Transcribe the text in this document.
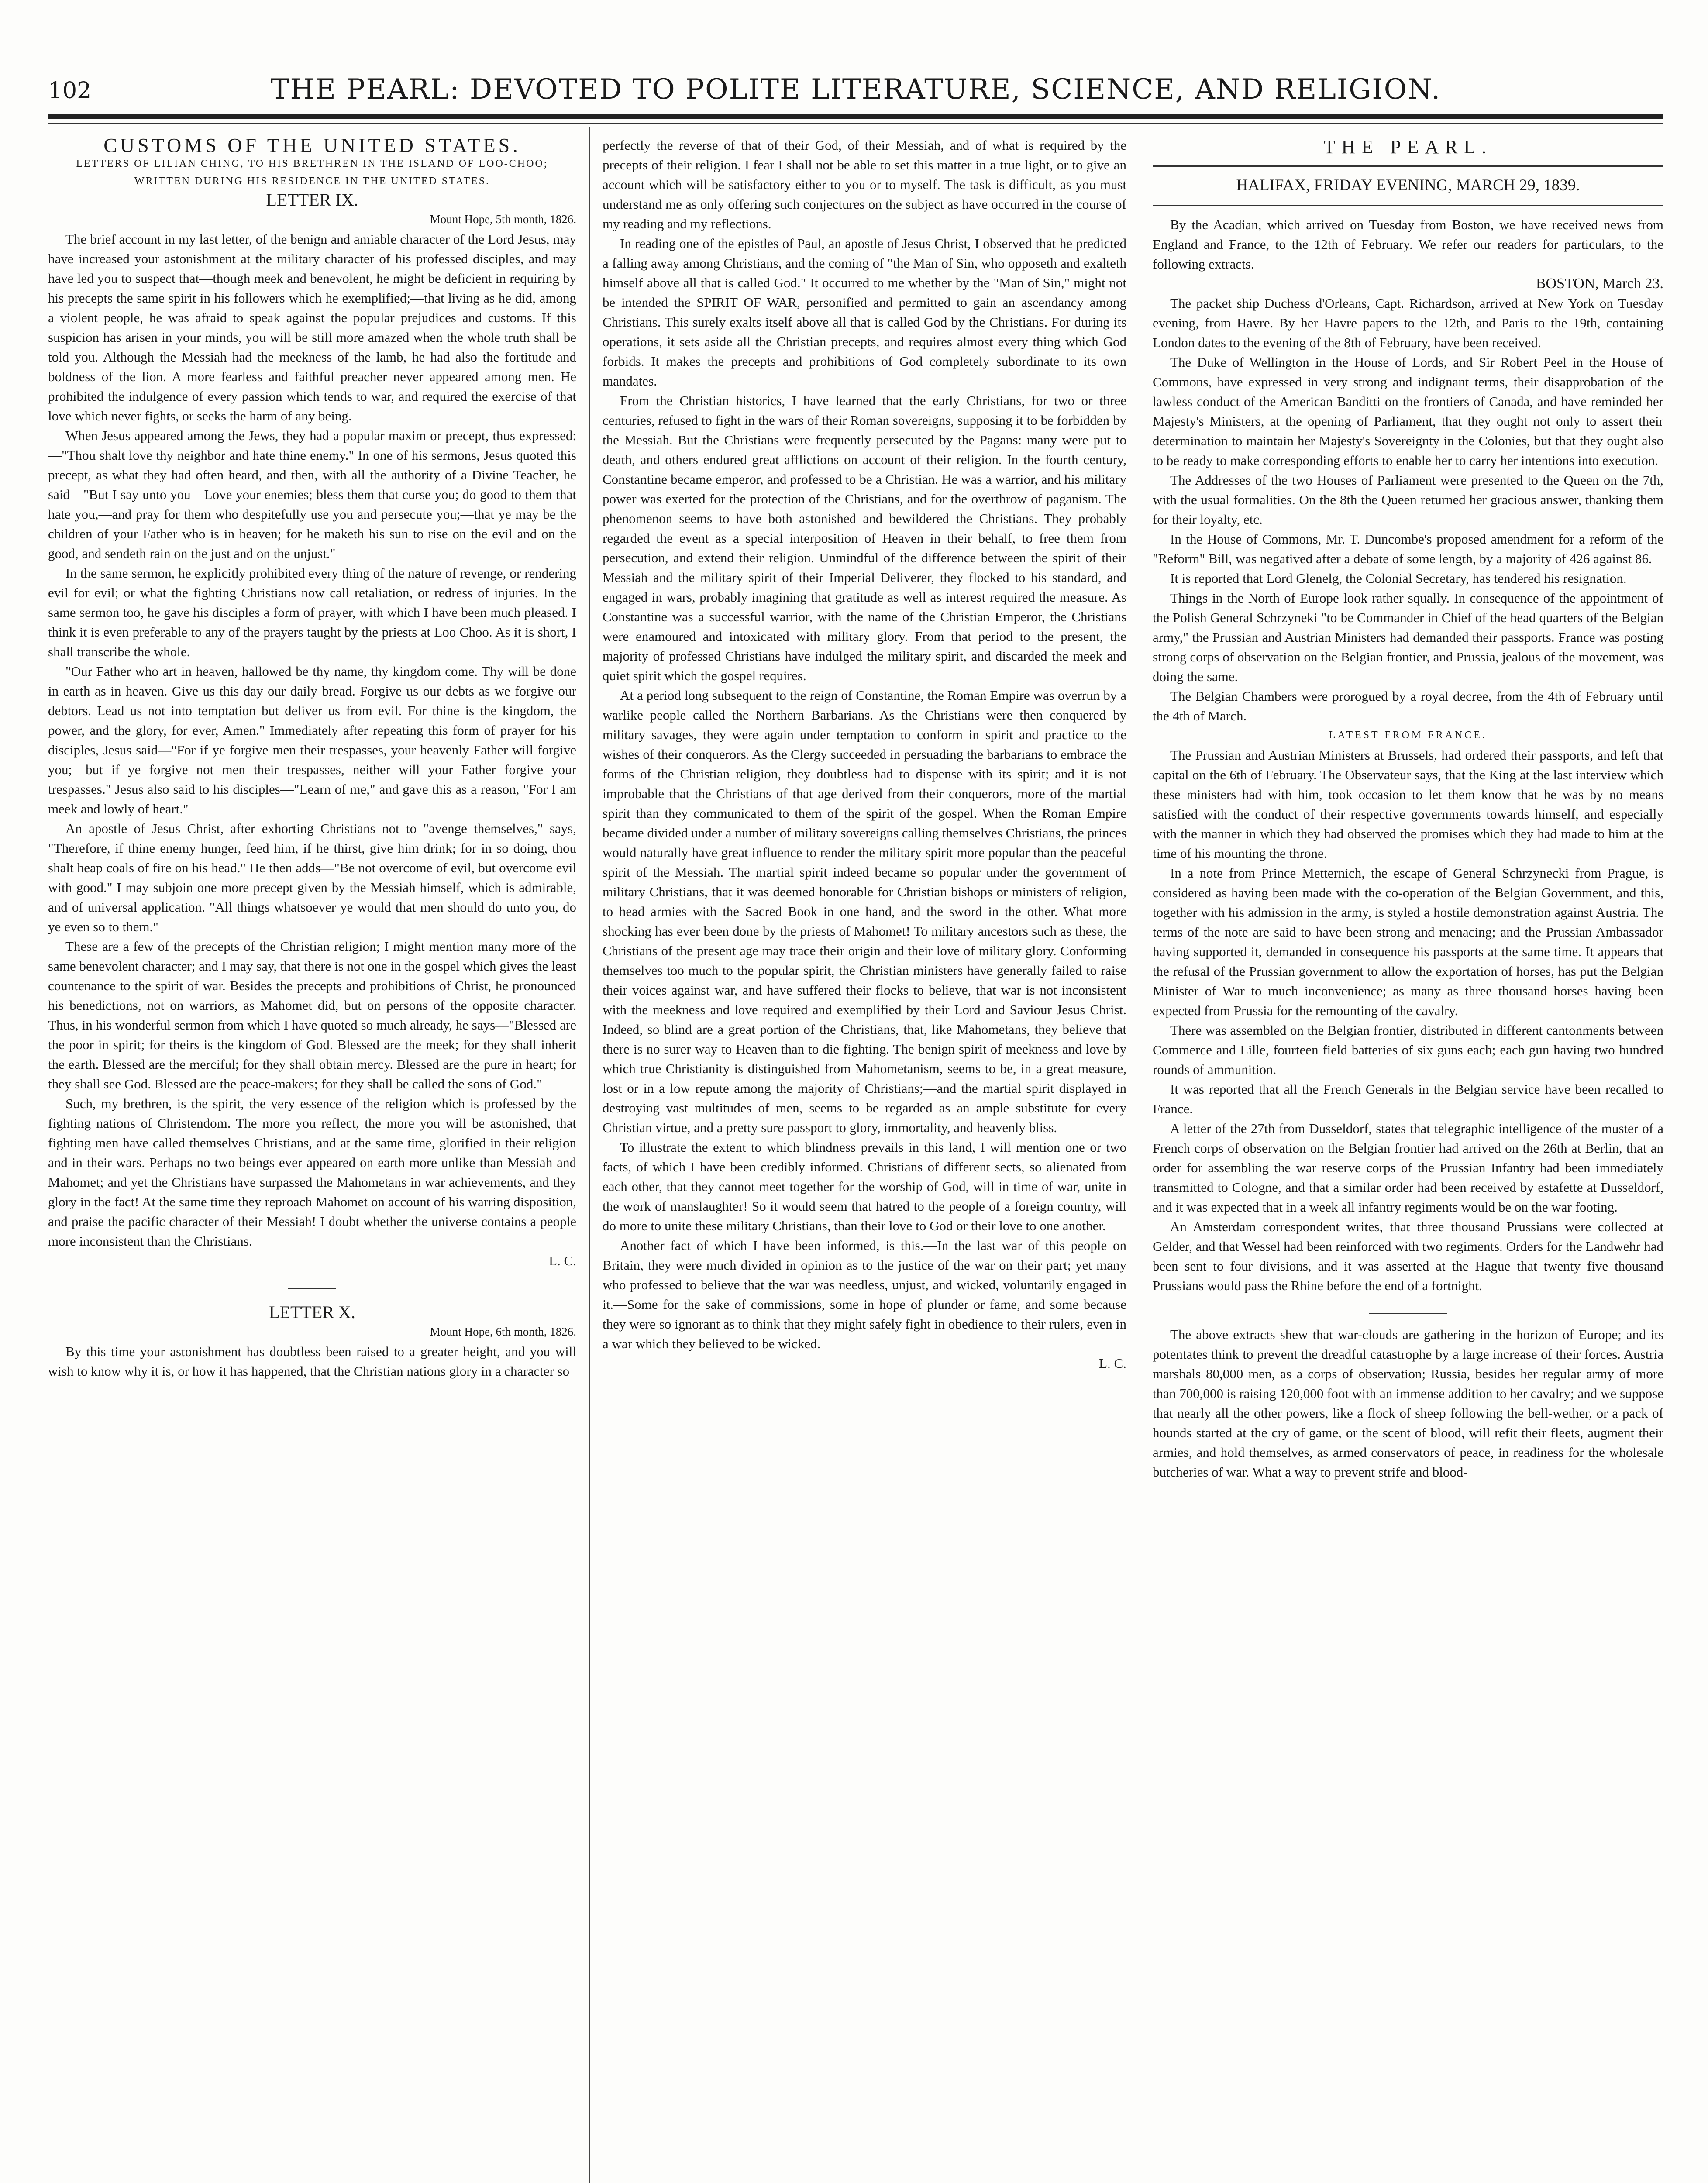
102	THE PEARL: DEVOTED TO POLITE LITERATURE, SCIENCE, AND RELIGION.

CUSTOMS OF THE UNITED STATES.

LETTERS OF LILIAN CHING, TO HIS BRETHREN IN THE ISLAND OF LOO-CHOO; WRITTEN DURING HIS RESIDENCE IN THE UNITED STATES.

LETTER IX.

Mount Hope, 5th month, 1826.

The brief account in my last letter, of the benign and amiable character of the Lord Jesus, may have increased your astonishment at the military character of his professed disciples, and may have led you to suspect that—though meek and benevolent, he might be deficient in requiring by his precepts the same spirit in his followers which he exemplified;—that living as he did, among a violent people, he was afraid to speak against the popular prejudices and customs. If this suspicion has arisen in your minds, you will be still more amazed when the whole truth shall be told you. Although the Messiah had the meekness of the lamb, he had also the fortitude and boldness of the lion. A more fearless and faithful preacher never appeared among men. He prohibited the indulgence of every passion which tends to war, and required the exercise of that love which never fights, or seeks the harm of any being.

When Jesus appeared among the Jews, they had a popular maxim or precept, thus expressed:—"Thou shalt love thy neighbor and hate thine enemy." In one of his sermons, Jesus quoted this precept, as what they had often heard, and then, with all the authority of a Divine Teacher, he said—"But I say unto you—Love your enemies; bless them that curse you; do good to them that hate you,—and pray for them who despitefully use you and persecute you;—that ye may be the children of your Father who is in heaven; for he maketh his sun to rise on the evil and on the good, and sendeth rain on the just and on the unjust."

In the same sermon, he explicitly prohibited every thing of the nature of revenge, or rendering evil for evil; or what the fighting Christians now call retaliation, or redress of injuries. In the same sermon too, he gave his disciples a form of prayer, with which I have been much pleased. I think it is even preferable to any of the prayers taught by the priests at Loo Choo. As it is short, I shall transcribe the whole.

"Our Father who art in heaven, hallowed be thy name, thy kingdom come. Thy will be done in earth as in heaven. Give us this day our daily bread. Forgive us our debts as we forgive our debtors. Lead us not into temptation but deliver us from evil. For thine is the kingdom, the power, and the glory, for ever, Amen." Immediately after repeating this form of prayer for his disciples, Jesus said—"For if ye forgive men their trespasses, your heavenly Father will forgive you;—but if ye forgive not men their trespasses, neither will your Father forgive your trespasses." Jesus also said to his disciples—"Learn of me," and gave this as a reason, "For I am meek and lowly of heart."

An apostle of Jesus Christ, after exhorting Christians not to "avenge themselves," says, "Therefore, if thine enemy hunger, feed him, if he thirst, give him drink; for in so doing, thou shalt heap coals of fire on his head." He then adds—"Be not overcome of evil, but overcome evil with good." I may subjoin one more precept given by the Messiah himself, which is admirable, and of universal application. "All things whatsoever ye would that men should do unto you, do ye even so to them."

These are a few of the precepts of the Christian religion; I might mention many more of the same benevolent character; and I may say, that there is not one in the gospel which gives the least countenance to the spirit of war. Besides the precepts and prohibitions of Christ, he pronounced his benedictions, not on warriors, as Mahomet did, but on persons of the opposite character. Thus, in his wonderful sermon from which I have quoted so much already, he says—"Blessed are the poor in spirit; for theirs is the kingdom of God. Blessed are the meek; for they shall inherit the earth. Blessed are the merciful; for they shall obtain mercy. Blessed are the pure in heart; for they shall see God. Blessed are the peace-makers; for they shall be called the sons of God."

Such, my brethren, is the spirit, the very essence of the religion which is professed by the fighting nations of Christendom. The more you reflect, the more you will be astonished, that fighting men have called themselves Christians, and at the same time, glorified in their religion and in their wars. Perhaps no two beings ever appeared on earth more unlike than Messiah and Mahomet; and yet the Christians have surpassed the Mahometans in war achievements, and they glory in the fact! At the same time they reproach Mahomet on account of his warring disposition, and praise the pacific character of their Messiah! I doubt whether the universe contains a people more inconsistent than the Christians.

L. C.

LETTER X.

Mount Hope, 6th month, 1826.

By this time your astonishment has doubtless been raised to a greater height, and you will wish to know why it is, or how it has happened, that the Christian nations glory in a character so

perfectly the reverse of that of their God, of their Messiah, and of what is required by the precepts of their religion. I fear I shall not be able to set this matter in a true light, or to give an account which will be satisfactory either to you or to myself. The task is difficult, as you must understand me as only offering such conjectures on the subject as have occurred in the course of my reading and my reflections.

In reading one of the epistles of Paul, an apostle of Jesus Christ, I observed that he predicted a falling away among Christians, and the coming of "the Man of Sin, who opposeth and exalteth himself above all that is called God." It occurred to me whether by the "Man of Sin," might not be intended the SPIRIT OF WAR, personified and permitted to gain an ascendancy among Christians. This surely exalts itself above all that is called God by the Christians. For during its operations, it sets aside all the Christian precepts, and requires almost every thing which God forbids. It makes the precepts and prohibitions of God completely subordinate to its own mandates.

From the Christian historics, I have learned that the early Christians, for two or three centuries, refused to fight in the wars of their Roman sovereigns, supposing it to be forbidden by the Messiah. But the Christians were frequently persecuted by the Pagans: many were put to death, and others endured great afflictions on account of their religion. In the fourth century, Constantine became emperor, and professed to be a Christian. He was a warrior, and his military power was exerted for the protection of the Christians, and for the overthrow of paganism. The phenomenon seems to have both astonished and bewildered the Christians. They probably regarded the event as a special interposition of Heaven in their behalf, to free them from persecution, and extend their religion. Unmindful of the difference between the spirit of their Messiah and the military spirit of their Imperial Deliverer, they flocked to his standard, and engaged in wars, probably imagining that gratitude as well as interest required the measure. As Constantine was a successful warrior, with the name of the Christian Emperor, the Christians were enamoured and intoxicated with military glory. From that period to the present, the majority of professed Christians have indulged the military spirit, and discarded the meek and quiet spirit which the gospel requires.

At a period long subsequent to the reign of Constantine, the Roman Empire was overrun by a warlike people called the Northern Barbarians. As the Christians were then conquered by military savages, they were again under temptation to conform in spirit and practice to the wishes of their conquerors. As the Clergy succeeded in persuading the barbarians to embrace the forms of the Christian religion, they doubtless had to dispense with its spirit; and it is not improbable that the Christians of that age derived from their conquerors, more of the martial spirit than they communicated to them of the spirit of the gospel. When the Roman Empire became divided under a number of military sovereigns calling themselves Christians, the princes would naturally have great influence to render the military spirit more popular than the peaceful spirit of the Messiah. The martial spirit indeed became so popular under the government of military Christians, that it was deemed honorable for Christian bishops or ministers of religion, to head armies with the Sacred Book in one hand, and the sword in the other. What more shocking has ever been done by the priests of Mahomet! To military ancestors such as these, the Christians of the present age may trace their origin and their love of military glory. Conforming themselves too much to the popular spirit, the Christian ministers have generally failed to raise their voices against war, and have suffered their flocks to believe, that war is not inconsistent with the meekness and love required and exemplified by their Lord and Saviour Jesus Christ. Indeed, so blind are a great portion of the Christians, that, like Mahometans, they believe that there is no surer way to Heaven than to die fighting. The benign spirit of meekness and love by which true Christianity is distinguished from Mahometanism, seems to be, in a great measure, lost or in a low repute among the majority of Christians;—and the martial spirit displayed in destroying vast multitudes of men, seems to be regarded as an ample substitute for every Christian virtue, and a pretty sure passport to glory, immortality, and heavenly bliss.

To illustrate the extent to which blindness prevails in this land, I will mention one or two facts, of which I have been credibly informed. Christians of different sects, so alienated from each other, that they cannot meet together for the worship of God, will in time of war, unite in the work of manslaughter! So it would seem that hatred to the people of a foreign country, will do more to unite these military Christians, than their love to God or their love to one another.

Another fact of which I have been informed, is this.—In the last war of this people on Britain, they were much divided in opinion as to the justice of the war on their part; yet many who professed to believe that the war was needless, unjust, and wicked, voluntarily engaged in it.—Some for the sake of commissions, some in hope of plunder or fame, and some because they were so ignorant as to think that they might safely fight in obedience to their rulers, even in a war which they believed to be wicked.

L. C.

THE PEARL.
HALIFAX, FRIDAY EVENING, MARCH 29, 1839.

By the Acadian, which arrived on Tuesday from Boston, we have received news from England and France, to the 12th of February. We refer our readers for particulars, to the following extracts.

BOSTON, March 23.

The packet ship Duchess d'Orleans, Capt. Richardson, arrived at New York on Tuesday evening, from Havre. By her Havre papers to the 12th, and Paris to the 19th, containing London dates to the evening of the 8th of February, have been received.

The Duke of Wellington in the House of Lords, and Sir Robert Peel in the House of Commons, have expressed in very strong and indignant terms, their disapprobation of the lawless conduct of the American Banditti on the frontiers of Canada, and have reminded her Majesty's Ministers, at the opening of Parliament, that they ought not only to assert their determination to maintain her Majesty's Sovereignty in the Colonies, but that they ought also to be ready to make corresponding efforts to enable her to carry her intentions into execution.

The Addresses of the two Houses of Parliament were presented to the Queen on the 7th, with the usual formalities. On the 8th the Queen returned her gracious answer, thanking them for their loyalty, etc.

In the House of Commons, Mr. T. Duncombe's proposed amendment for a reform of the "Reform" Bill, was negatived after a debate of some length, by a majority of 426 against 86.

It is reported that Lord Glenelg, the Colonial Secretary, has tendered his resignation.

Things in the North of Europe look rather squally. In consequence of the appointment of the Polish General Schrzyneki "to be Commander in Chief of the head quarters of the Belgian army," the Prussian and Austrian Ministers had demanded their passports. France was posting strong corps of observation on the Belgian frontier, and Prussia, jealous of the movement, was doing the same.

The Belgian Chambers were prorogued by a royal decree, from the 4th of February until the 4th of March.

LATEST FROM FRANCE.

The Prussian and Austrian Ministers at Brussels, had ordered their passports, and left that capital on the 6th of February. The Observateur says, that the King at the last interview which these ministers had with him, took occasion to let them know that he was by no means satisfied with the conduct of their respective governments towards himself, and especially with the manner in which they had observed the promises which they had made to him at the time of his mounting the throne.

In a note from Prince Metternich, the escape of General Schrzynecki from Prague, is considered as having been made with the co-operation of the Belgian Government, and this, together with his admission in the army, is styled a hostile demonstration against Austria. The terms of the note are said to have been strong and menacing; and the Prussian Ambassador having supported it, demanded in consequence his passports at the same time. It appears that the refusal of the Prussian government to allow the exportation of horses, has put the Belgian Minister of War to much inconvenience; as many as three thousand horses having been expected from Prussia for the remounting of the cavalry.

There was assembled on the Belgian frontier, distributed in different cantonments between Commerce and Lille, fourteen field batteries of six guns each; each gun having two hundred rounds of ammunition.

It was reported that all the French Generals in the Belgian service have been recalled to France.

A letter of the 27th from Dusseldorf, states that telegraphic intelligence of the muster of a French corps of observation on the Belgian frontier had arrived on the 26th at Berlin, that an order for assembling the war reserve corps of the Prussian Infantry had been immediately transmitted to Cologne, and that a similar order had been received by estafette at Dusseldorf, and it was expected that in a week all infantry regiments would be on the war footing.

An Amsterdam correspondent writes, that three thousand Prussians were collected at Gelder, and that Wessel had been reinforced with two regiments. Orders for the Landwehr had been sent to four divisions, and it was asserted at the Hague that twenty five thousand Prussians would pass the Rhine before the end of a fortnight.

The above extracts shew that war-clouds are gathering in the horizon of Europe; and its potentates think to prevent the dreadful catastrophe by a large increase of their forces. Austria marshals 80,000 men, as a corps of observation; Russia, besides her regular army of more than 700,000 is raising 120,000 foot with an immense addition to her cavalry; and we suppose that nearly all the other powers, like a flock of sheep following the bell-wether, or a pack of hounds started at the cry of game, or the scent of blood, will refit their fleets, augment their armies, and hold themselves, as armed conservators of peace, in readiness for the wholesale butcheries of war. What a way to prevent strife and blood-
